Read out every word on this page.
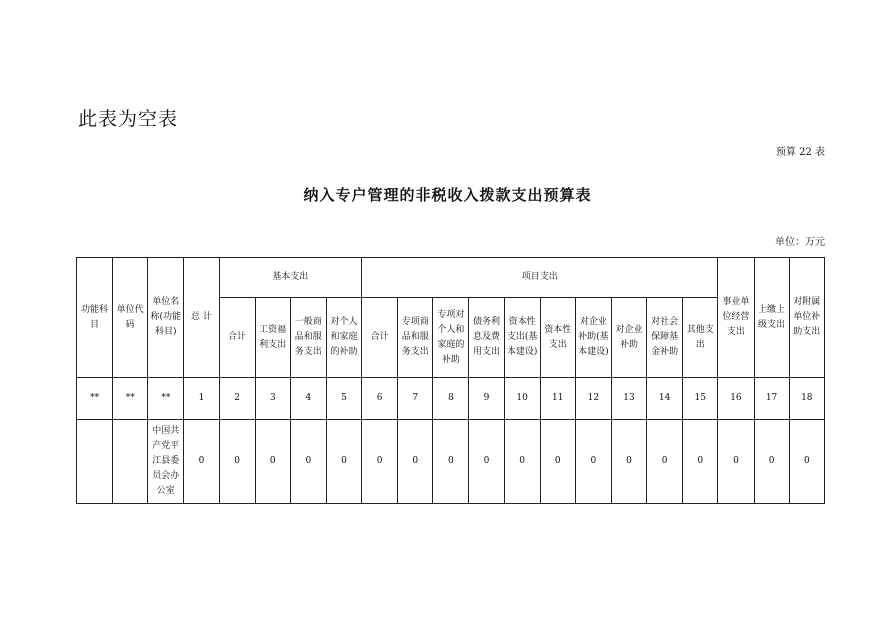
此表为空表
预算 22 表
纳入专户管理的非税收入拨款支出预算表
单位：万元
功能科目	单位代码	单位名称(功能科目)	总 计	基本支出				项目支出										事业单位经营支出	上缴上级支出	对附属单位补助支出
				合计	工资福利支出	一般商品和服务支出	对个人和家庭的补助	合计	专项商品和服务支出	专项对个人和家庭的补助	债务利息及费用支出	资本性支出(基本建设)	资本性支出	对企业补助(基本建设)	对企业补助	对社会保障基金补助	其他支出			
**	**	**	1	2	3	4	5	6	7	8	9	10	11	12	13	14	15	16	17	18
		中国共产党平江县委员会办公室	0	0	0	0	0	0	0	0	0	0	0	0	0	0	0	0	0	0
